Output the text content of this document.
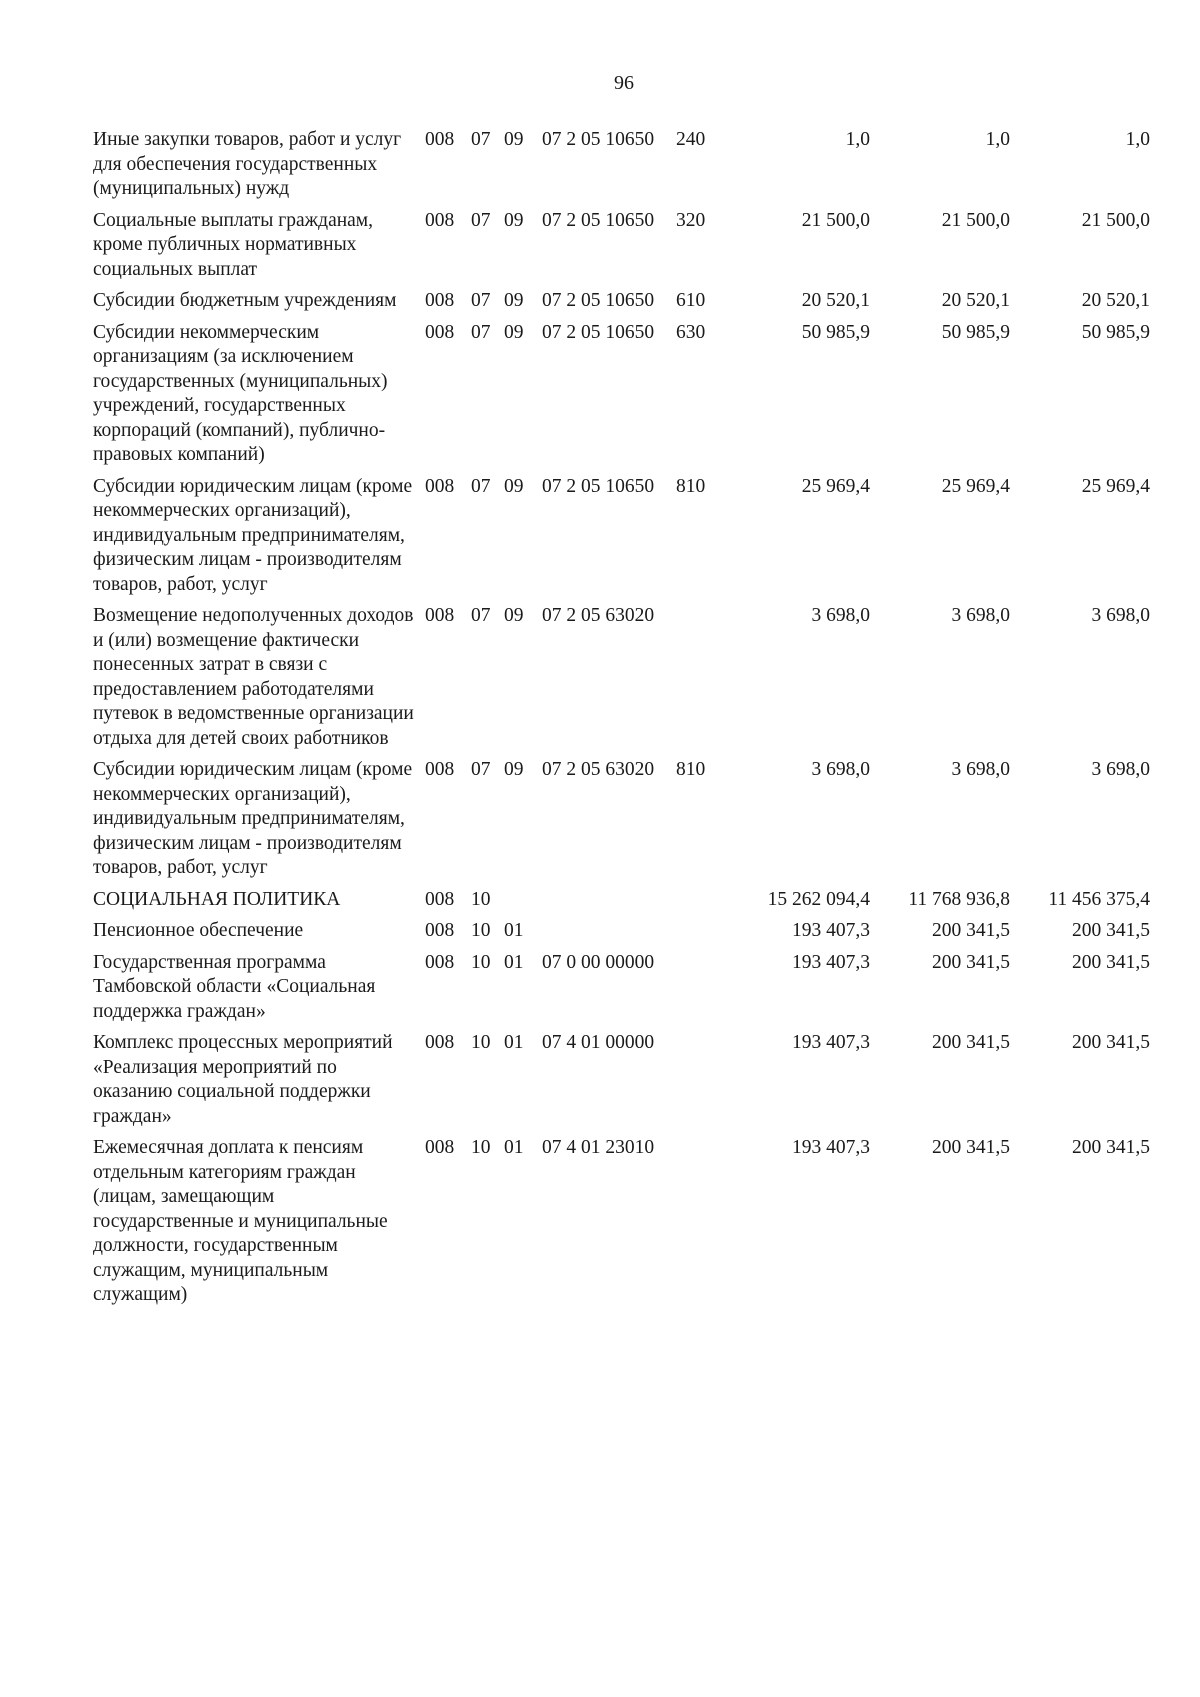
96
Иные закупки товаров, работ и услуг для обеспечения государственных (муниципальных) нужд
008 07 09 07 2 05 10650	240	1,0	1,0	1,0
Социальные выплаты гражданам, кроме публичных нормативных социальных выплат
008 07 09 07 2 05 10650	320	21 500,0	21 500,0	21 500,0
Субсидии бюджетным учреждениям	008 07 09 07 2 05 10650	610	20 520,1	20 520,1	20 520,1
Субсидии некоммерческим организациям (за исключением государственных (муниципальных) учреждений, государственных корпораций (компаний), публично-правовых компаний)
008 07 09 07 2 05 10650	630	50 985,9	50 985,9	50 985,9
Субсидии юридическим лицам (кроме некоммерческих организаций), индивидуальным предпринимателям, физическим лицам - производителям товаров, работ, услуг
008 07 09 07 2 05 10650	810	25 969,4	25 969,4	25 969,4
Возмещение недополученных доходов и (или) возмещение фактически понесенных затрат в связи с предоставлением работодателями путевок в ведомственные организации отдыха для детей своих работников
008 07 09 07 2 05 63020	3 698,0	3 698,0	3 698,0
Субсидии юридическим лицам (кроме некоммерческих организаций), индивидуальным предпринимателям, физическим лицам - производителям товаров, работ, услуг
008 07 09 07 2 05 63020	810	3 698,0	3 698,0	3 698,0
СОЦИАЛЬНАЯ ПОЛИТИКА	008 10	15 262 094,4	11 768 936,8	11 456 375,4
Пенсионное обеспечение	008 10 01	193 407,3	200 341,5	200 341,5
Государственная программа Тамбовской области «Социальная поддержка граждан»
008 10 01 07 0 00 00000	193 407,3	200 341,5	200 341,5
Комплекс процессных мероприятий «Реализация мероприятий по оказанию социальной поддержки граждан»
008 10 01 07 4 01 00000	193 407,3	200 341,5	200 341,5
Ежемесячная доплата к пенсиям отдельным категориям граждан (лицам, замещающим государственные и муниципальные должности, государственным служащим, муниципальным служащим)
008 10 01 07 4 01 23010	193 407,3	200 341,5	200 341,5
